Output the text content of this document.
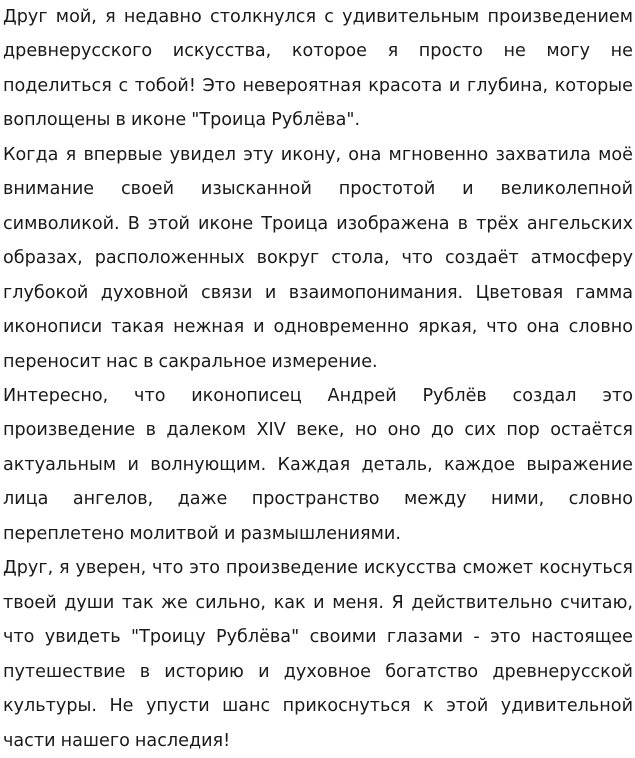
Друг мой, я недавно столкнулся с удивительным произведением древнерусского искусства, которое я просто не могу не поделиться с тобой! Это невероятная красота и глубина, которые воплощены в иконе "Троица Рублёва".

Когда я впервые увидел эту икону, она мгновенно захватила моё внимание своей изысканной простотой и великолепной символикой. В этой иконе Троица изображена в трёх ангельских образах, расположенных вокруг стола, что создаёт атмосферу глубокой духовной связи и взаимопонимания. Цветовая гамма иконописи такая нежная и одновременно яркая, что она словно переносит нас в сакральное измерение.

Интересно, что иконописец Андрей Рублёв создал это произведение в далеком XIV веке, но оно до сих пор остаётся актуальным и волнующим. Каждая деталь, каждое выражение лица ангелов, даже пространство между ними, словно переплетено молитвой и размышлениями.

Друг, я уверен, что это произведение искусства сможет коснуться твоей души так же сильно, как и меня. Я действительно считаю, что увидеть "Троицу Рублёва" своими глазами - это настоящее путешествие в историю и духовное богатство древнерусской культуры. Не упусти шанс прикоснуться к этой удивительной части нашего наследия!
